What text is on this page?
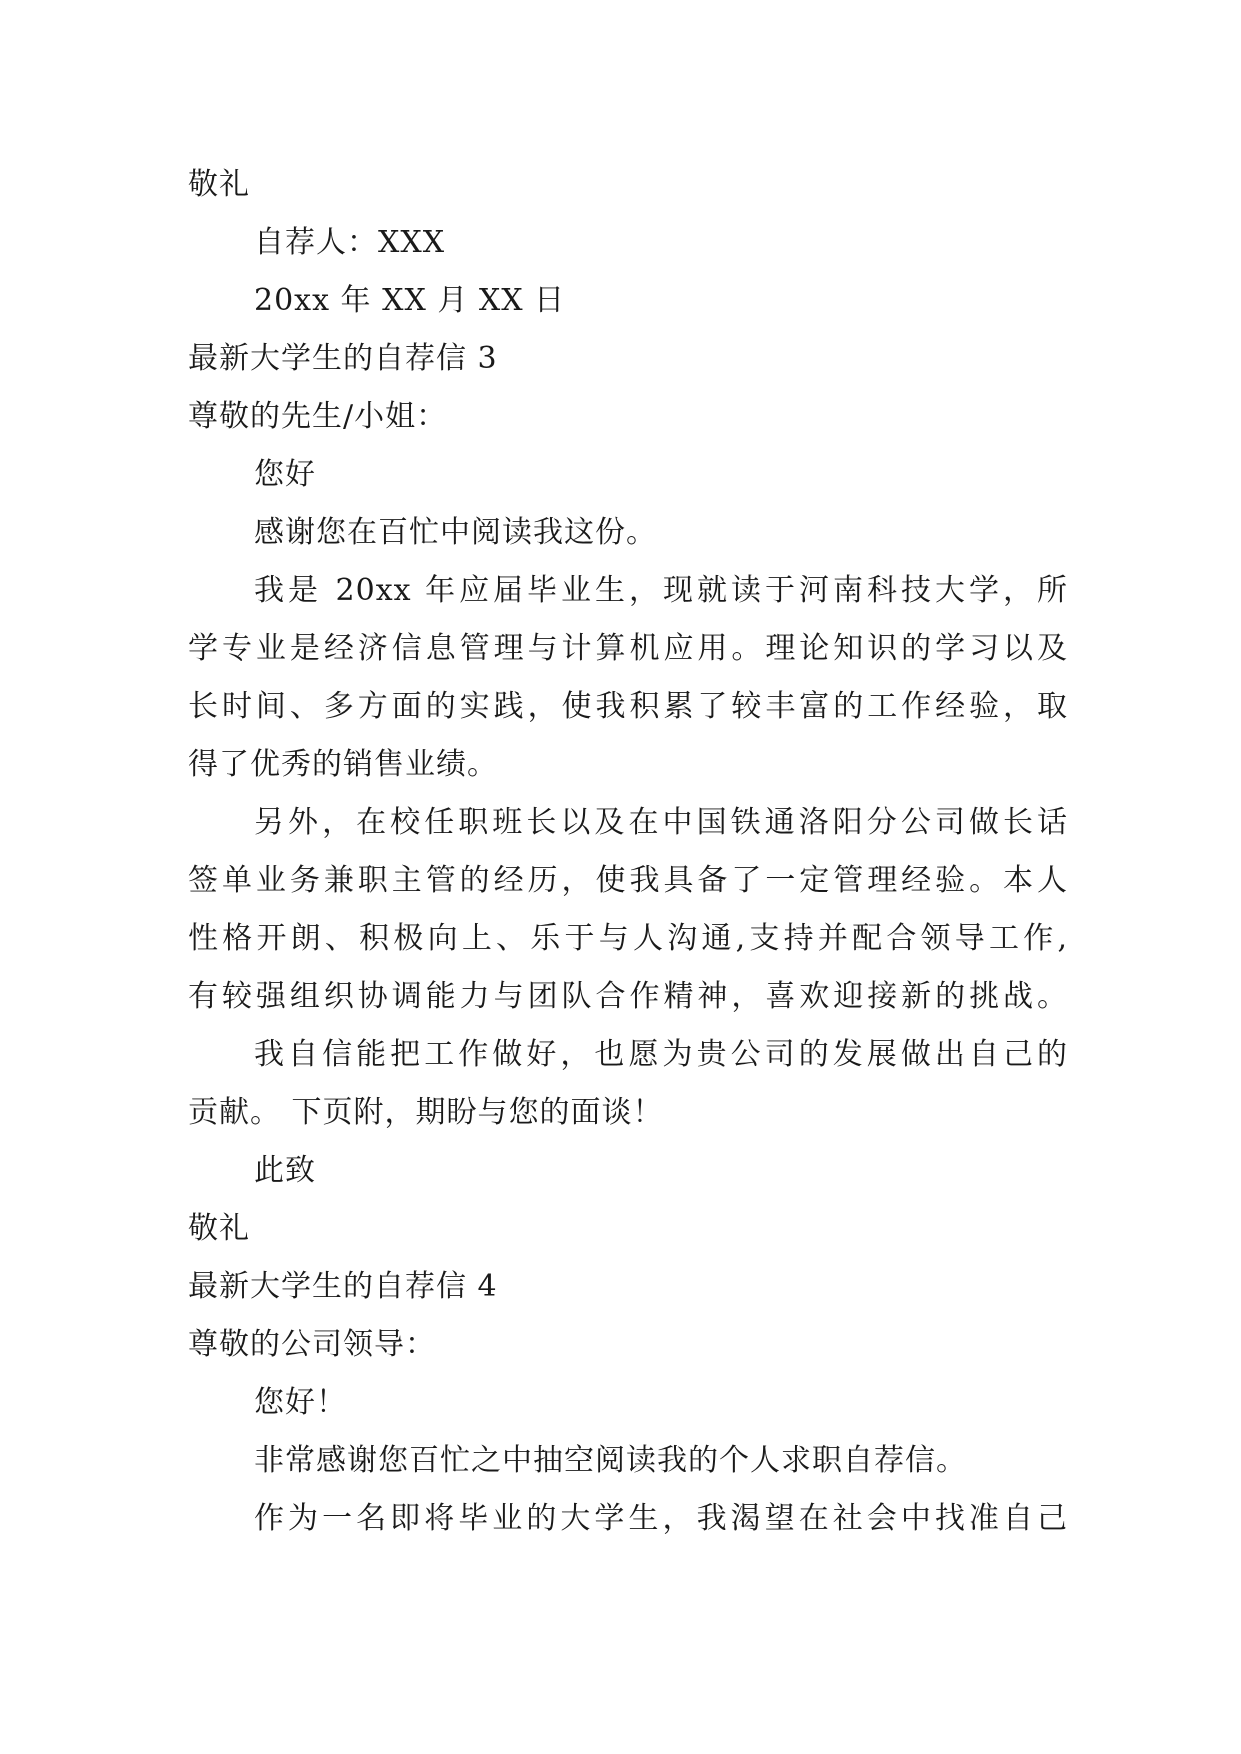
敬礼
自荐人：XXX
20xx 年 XX 月 XX 日
最新大学生的自荐信 3
尊敬的先生/小姐：
您好
感谢您在百忙中阅读我这份。
我是 20xx 年应届毕业生，现就读于河南科技大学，所
学专业是经济信息管理与计算机应用。理论知识的学习以及
长时间、多方面的实践，使我积累了较丰富的工作经验，取
得了优秀的销售业绩。
另外，在校任职班长以及在中国铁通洛阳分公司做长话
签单业务兼职主管的经历，使我具备了一定管理经验。本人
性格开朗、积极向上、乐于与人沟通,支持并配合领导工作,
有较强组织协调能力与团队合作精神，喜欢迎接新的挑战。
我自信能把工作做好，也愿为贵公司的发展做出自己的
贡献。 下页附，期盼与您的面谈！
此致
敬礼
最新大学生的自荐信 4
尊敬的公司领导：
您好！
非常感谢您百忙之中抽空阅读我的个人求职自荐信。
作为一名即将毕业的大学生，我渴望在社会中找准自己
